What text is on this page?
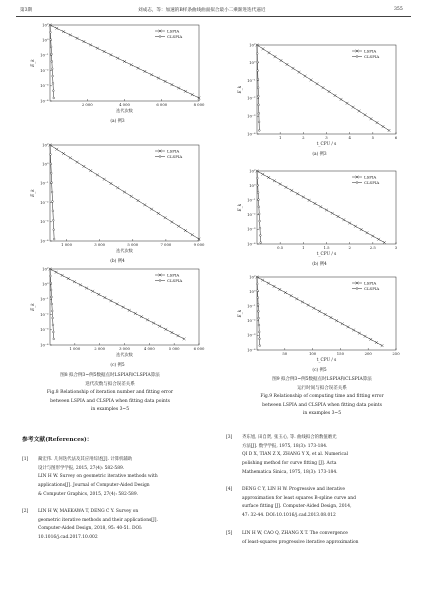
第3期	刘成志，等：加速的B样条曲线曲面拟合最小二乘渐进迭代逼近	355
10⁻⁴
10⁻³
10⁻²
10⁻¹
10⁰
10¹
E_k
2 000	4 000	6 000	8 000
迭代次数
LSPIA
CLSPIA
(a) 例3
10⁻⁴
10⁻³
10⁻²
10⁻¹
10⁰
10¹
E_k
1 000	3 000	5 000	7 000	9 000
迭代次数
LSPIA
CLSPIA
(b) 例4
10⁻⁴
10⁻³
10⁻²
10⁻¹
10⁰
10¹
E_k
1 000	2 000	3 000	4 000	5 000	6 000
迭代次数
LSPIA
CLSPIA
(c) 例5
图8 拟合例3~例5数据点时LSPIA和CLSPIA算法
迭代次数与拟合误差关系
Fig.8 Relationship of iteration number and fitting error
between LSPIA and CLSPIA when fitting data points
in examples 3~5
10⁻⁴
10⁻³
10⁻²
10⁻¹
10⁰
10¹
E_k
1	2	3	4	5	6
t_CPU / s
LSPIA
CLSPIA
(a) 例3
10⁻⁴
10⁻³
10⁻²
10⁻¹
10⁰
10¹
E_k
0.5	1	1.5	2	2.5	3
t_CPU / s
LSPIA
CLSPIA
(b) 例4
10⁻⁴
10⁻³
10⁻²
10⁻¹
10⁰
10¹
E_k
50	100	150	200	250
t_CPU / s
LSPIA
CLSPIA
(c) 例5
图9 拟合例3~例5数据点时LSPIA和CLSPIA算法
运行时间与拟合误差关系
Fig.9 Relationship of computing time and fitting error
between LSPIA and CLSPIA when fitting data points
in examples 3~5
参考文献(References)：
[1] 蔺宏伟. 几何迭代法及其应用综述[J]. 计算机辅助
设计与图形学学报, 2015, 27(4): 582-589.
LIN H W. Survey on geometric iterative methods with
applications[J]. Journal of Computer-Aided Design
& Computer Graphics, 2015, 27(4): 582-589.
[2] LIN H W, MAEKAWA T, DENG C Y. Survey on
geometric iterative methods and their applications[J].
Computer-Aided Design, 2018, 95: 40-51. DOI:
10.1016/j.cad.2017.10.002
[3] 齐东旭, 田自贤, 张玉心, 等. 曲线拟合的数值磨光
方法[J]. 数学学报, 1975, 18(3): 173-184.
QI D X, TIAN Z X, ZHANG Y X, et al. Numerical
polishing method for curve fitting [J]. Acta
Mathematica Sinica, 1975, 18(3): 173-184.
[4] DENG C Y, LIN H W. Progressive and iterative
approximation for least squares B-spline curve and
surface fitting [J]. Computer-Aided Design, 2014,
47: 32-44. DOI:10.1016/j.cad.2013.08.012
[5] LIN H W, CAO Q, ZHANG X T. The convergence
of least-squares progressive iterative approximation
